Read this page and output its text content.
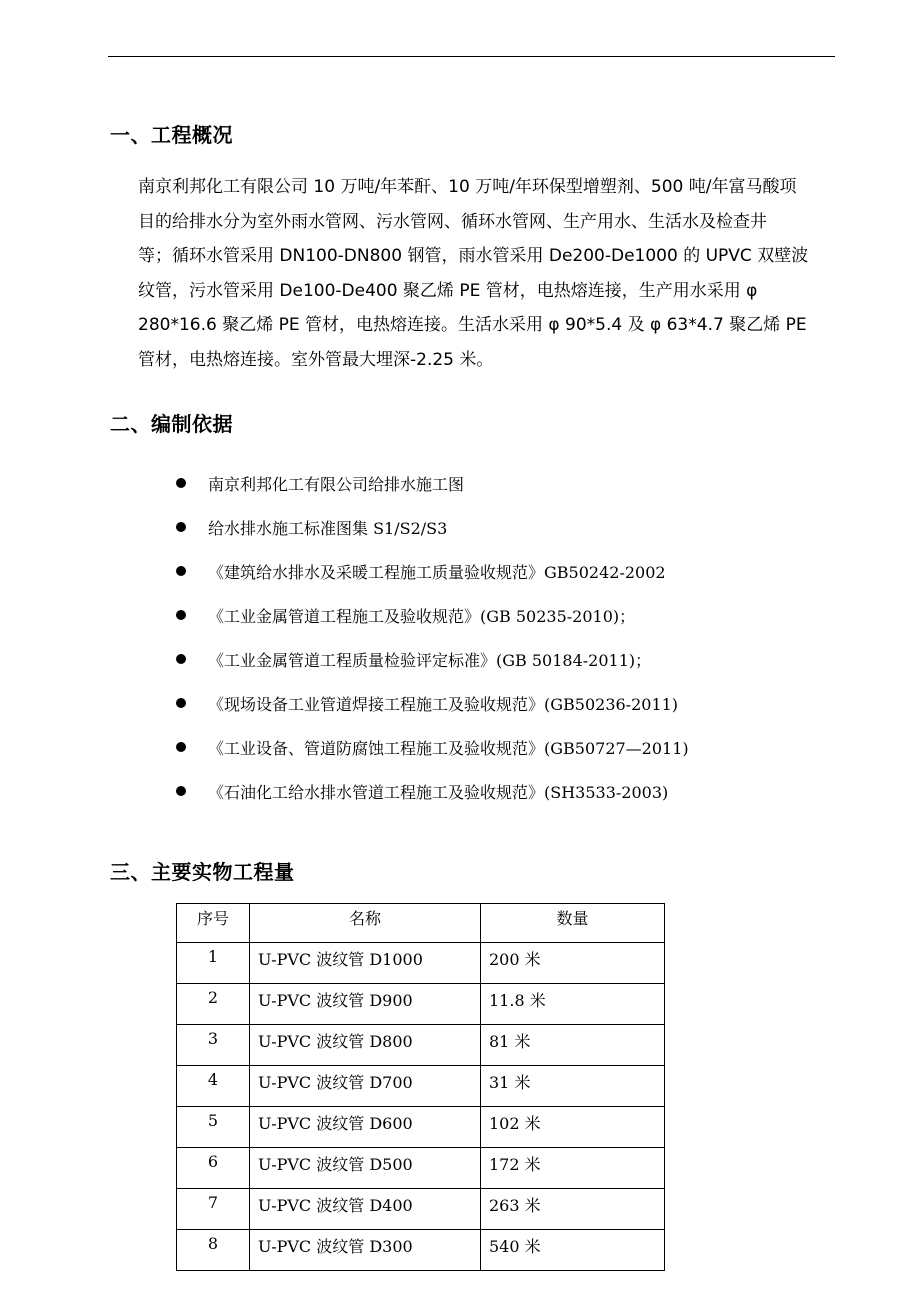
一、工程概况
南京利邦化工有限公司 10 万吨/年苯酐、10 万吨/年环保型增塑剂、500 吨/年富马酸项
目的给排水分为室外雨水管网、污水管网、循环水管网、生产用水、生活水及检查井
等；循环水管采用 DN100-DN800 钢管，雨水管采用 De200-De1000 的 UPVC 双壁波
纹管，污水管采用 De100-De400 聚乙烯 PE 管材，电热熔连接，生产用水采用 φ
280*16.6 聚乙烯 PE 管材，电热熔连接。生活水采用 φ 90*5.4 及 φ 63*4.7 聚乙烯 PE
管材，电热熔连接。室外管最大埋深-2.25 米。
二、编制依据
南京利邦化工有限公司给排水施工图
给水排水施工标准图集 S1/S2/S3
《建筑给水排水及采暖工程施工质量验收规范》GB50242-2002
《工业金属管道工程施工及验收规范》(GB 50235-2010)；
《工业金属管道工程质量检验评定标准》(GB 50184-2011)；
《现场设备工业管道焊接工程施工及验收规范》(GB50236-2011)
《工业设备、管道防腐蚀工程施工及验收规范》(GB50727—2011)
《石油化工给水排水管道工程施工及验收规范》(SH3533-2003)
三、主要实物工程量
序号	名称	数量
1	U-PVC 波纹管 D1000	200 米
2	U-PVC 波纹管 D900	11.8 米
3	U-PVC 波纹管 D800	81 米
4	U-PVC 波纹管 D700	31 米
5	U-PVC 波纹管 D600	102 米
6	U-PVC 波纹管 D500	172 米
7	U-PVC 波纹管 D400	263 米
8	U-PVC 波纹管 D300	540 米
